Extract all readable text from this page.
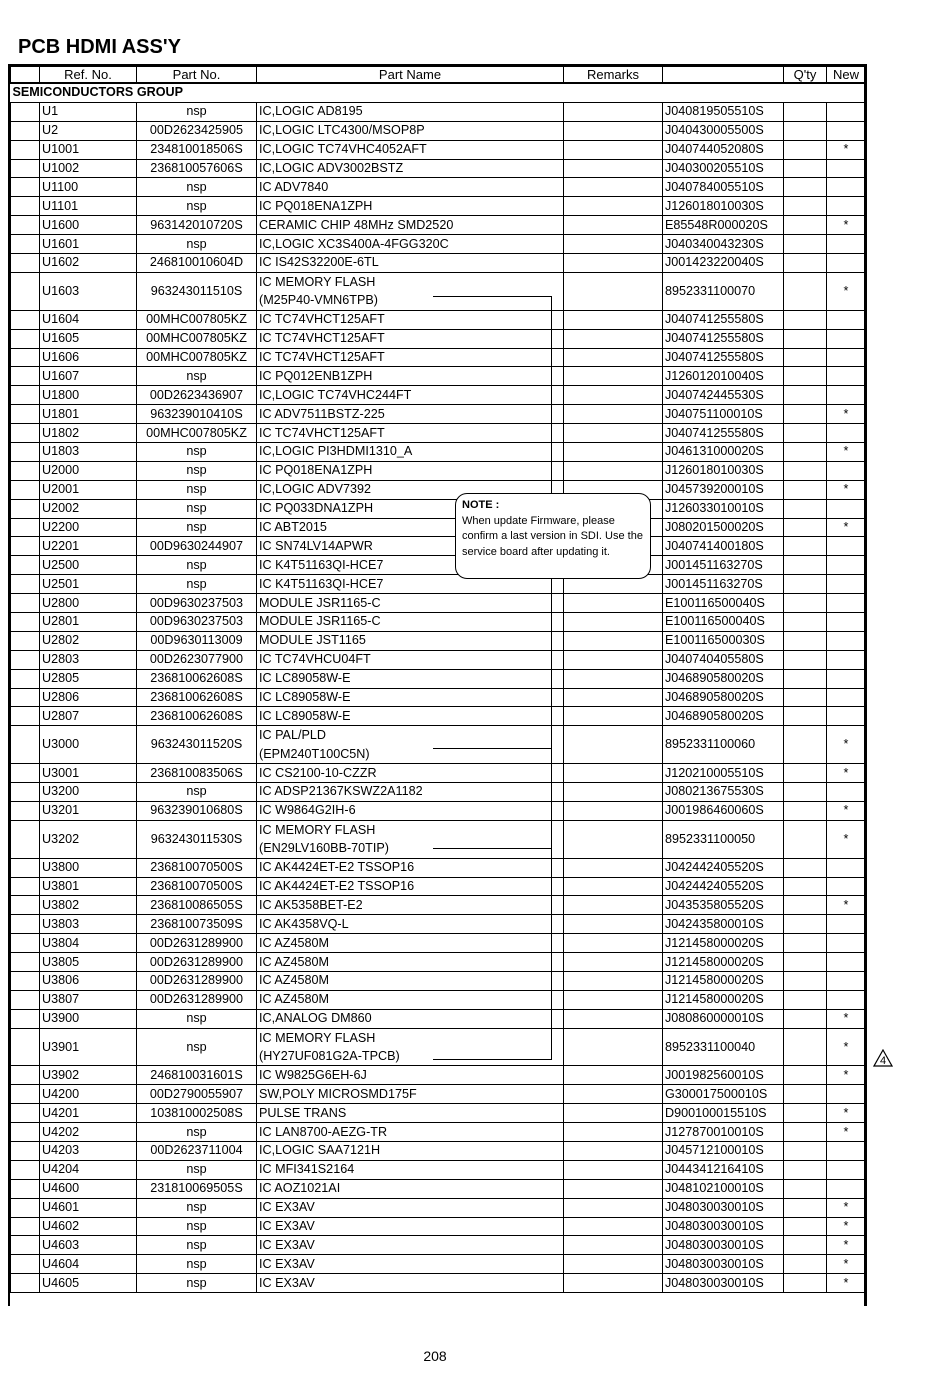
PCB HDMI ASS'Y
	Ref. No.	Part No.	Part Name	Remarks		Q'ty	New
SEMICONDUCTORS GROUP							
	U1	nsp	IC,LOGIC AD8195		J040819505510S		
	U2	00D2623425905	IC,LOGIC LTC4300/MSOP8P		J040430005500S		
	U1001	234810018506S	IC,LOGIC TC74VHC4052AFT		J040744052080S		*
	U1002	236810057606S	IC,LOGIC ADV3002BSTZ		J040300205510S		
	U1100	nsp	IC ADV7840		J040784005510S		
	U1101	nsp	IC PQ018ENA1ZPH		J126018010030S		
	U1600	963142010720S	CERAMIC CHIP 48MHz SMD2520		E85548R000020S		*
	U1601	nsp	IC,LOGIC XC3S400A-4FGG320C		J040340043230S		
	U1602	246810010604D	IC IS42S32200E-6TL		J001423220040S		
	U1603	963243011510S	IC MEMORY FLASH
(M25P40-VMN6TPB)		8952331100070		*
	U1604	00MHC007805KZ	IC TC74VHCT125AFT		J040741255580S		
	U1605	00MHC007805KZ	IC TC74VHCT125AFT		J040741255580S		
	U1606	00MHC007805KZ	IC TC74VHCT125AFT		J040741255580S		
	U1607	nsp	IC PQ012ENB1ZPH		J126012010040S		
	U1800	00D2623436907	IC,LOGIC TC74VHC244FT		J040742445530S		
	U1801	963239010410S	IC ADV7511BSTZ-225		J040751100010S		*
	U1802	00MHC007805KZ	IC TC74VHCT125AFT		J040741255580S		
	U1803	nsp	IC,LOGIC PI3HDMI1310_A		J046131000020S		*
	U2000	nsp	IC PQ018ENA1ZPH		J126018010030S		
	U2001	nsp	IC,LOGIC ADV7392		J045739200010S		*
	U2002	nsp	IC PQ033DNA1ZPH		J126033010010S		
	U2200	nsp	IC ABT2015		J080201500020S		*
	U2201	00D9630244907	IC SN74LV14APWR		J040741400180S		
	U2500	nsp	IC K4T51163QI-HCE7		J001451163270S		
	U2501	nsp	IC K4T51163QI-HCE7		J001451163270S		
	U2800	00D9630237503	MODULE JSR1165-C		E100116500040S		
	U2801	00D9630237503	MODULE JSR1165-C		E100116500040S		
	U2802	00D9630113009	MODULE JST1165		E100116500030S		
	U2803	00D2623077900	IC TC74VHCU04FT		J040740405580S		
	U2805	236810062608S	IC LC89058W-E		J046890580020S		
	U2806	236810062608S	IC LC89058W-E		J046890580020S		
	U2807	236810062608S	IC LC89058W-E		J046890580020S		
	U3000	963243011520S	IC PAL/PLD
(EPM240T100C5N)		8952331100060		*
	U3001	236810083506S	IC CS2100-10-CZZR		J120210005510S		*
	U3200	nsp	IC ADSP21367KSWZ2A1182		J080213675530S		
	U3201	963239010680S	IC W9864G2IH-6		J001986460060S		*
	U3202	963243011530S	IC MEMORY FLASH
(EN29LV160BB-70TIP)		8952331100050		*
	U3800	236810070500S	IC AK4424ET-E2 TSSOP16		J042442405520S		
	U3801	236810070500S	IC AK4424ET-E2 TSSOP16		J042442405520S		
	U3802	236810086505S	IC AK5358BET-E2		J043535805520S		*
	U3803	236810073509S	IC AK4358VQ-L		J042435800010S		
	U3804	00D2631289900	IC AZ4580M		J121458000020S		
	U3805	00D2631289900	IC AZ4580M		J121458000020S		
	U3806	00D2631289900	IC AZ4580M		J121458000020S		
	U3807	00D2631289900	IC AZ4580M		J121458000020S		
	U3900	nsp	IC,ANALOG DM860		J080860000010S		*
	U3901	nsp	IC MEMORY FLASH
(HY27UF081G2A-TPCB)		8952331100040		*
	U3902	246810031601S	IC W9825G6EH-6J		J001982560010S		*
	U4200	00D2790055907	SW,POLY MICROSMD175F		G300017500010S		
	U4201	103810002508S	PULSE TRANS		D900100015510S		*
	U4202	nsp	IC LAN8700-AEZG-TR		J127870010010S		*
	U4203	00D2623711004	IC,LOGIC SAA7121H		J045712100010S		
	U4204	nsp	IC MFI341S2164		J044341216410S		
	U4600	231810069505S	IC AOZ1021AI		J048102100010S		
	U4601	nsp	IC EX3AV		J048030030010S		*
	U4602	nsp	IC EX3AV		J048030030010S		*
	U4603	nsp	IC EX3AV		J048030030010S		*
	U4604	nsp	IC EX3AV		J048030030010S		*
	U4605	nsp	IC EX3AV		J048030030010S		*
NOTE :
When update Firmware, please confirm a last version in SDI. Use the service board after updating it.
4
208
